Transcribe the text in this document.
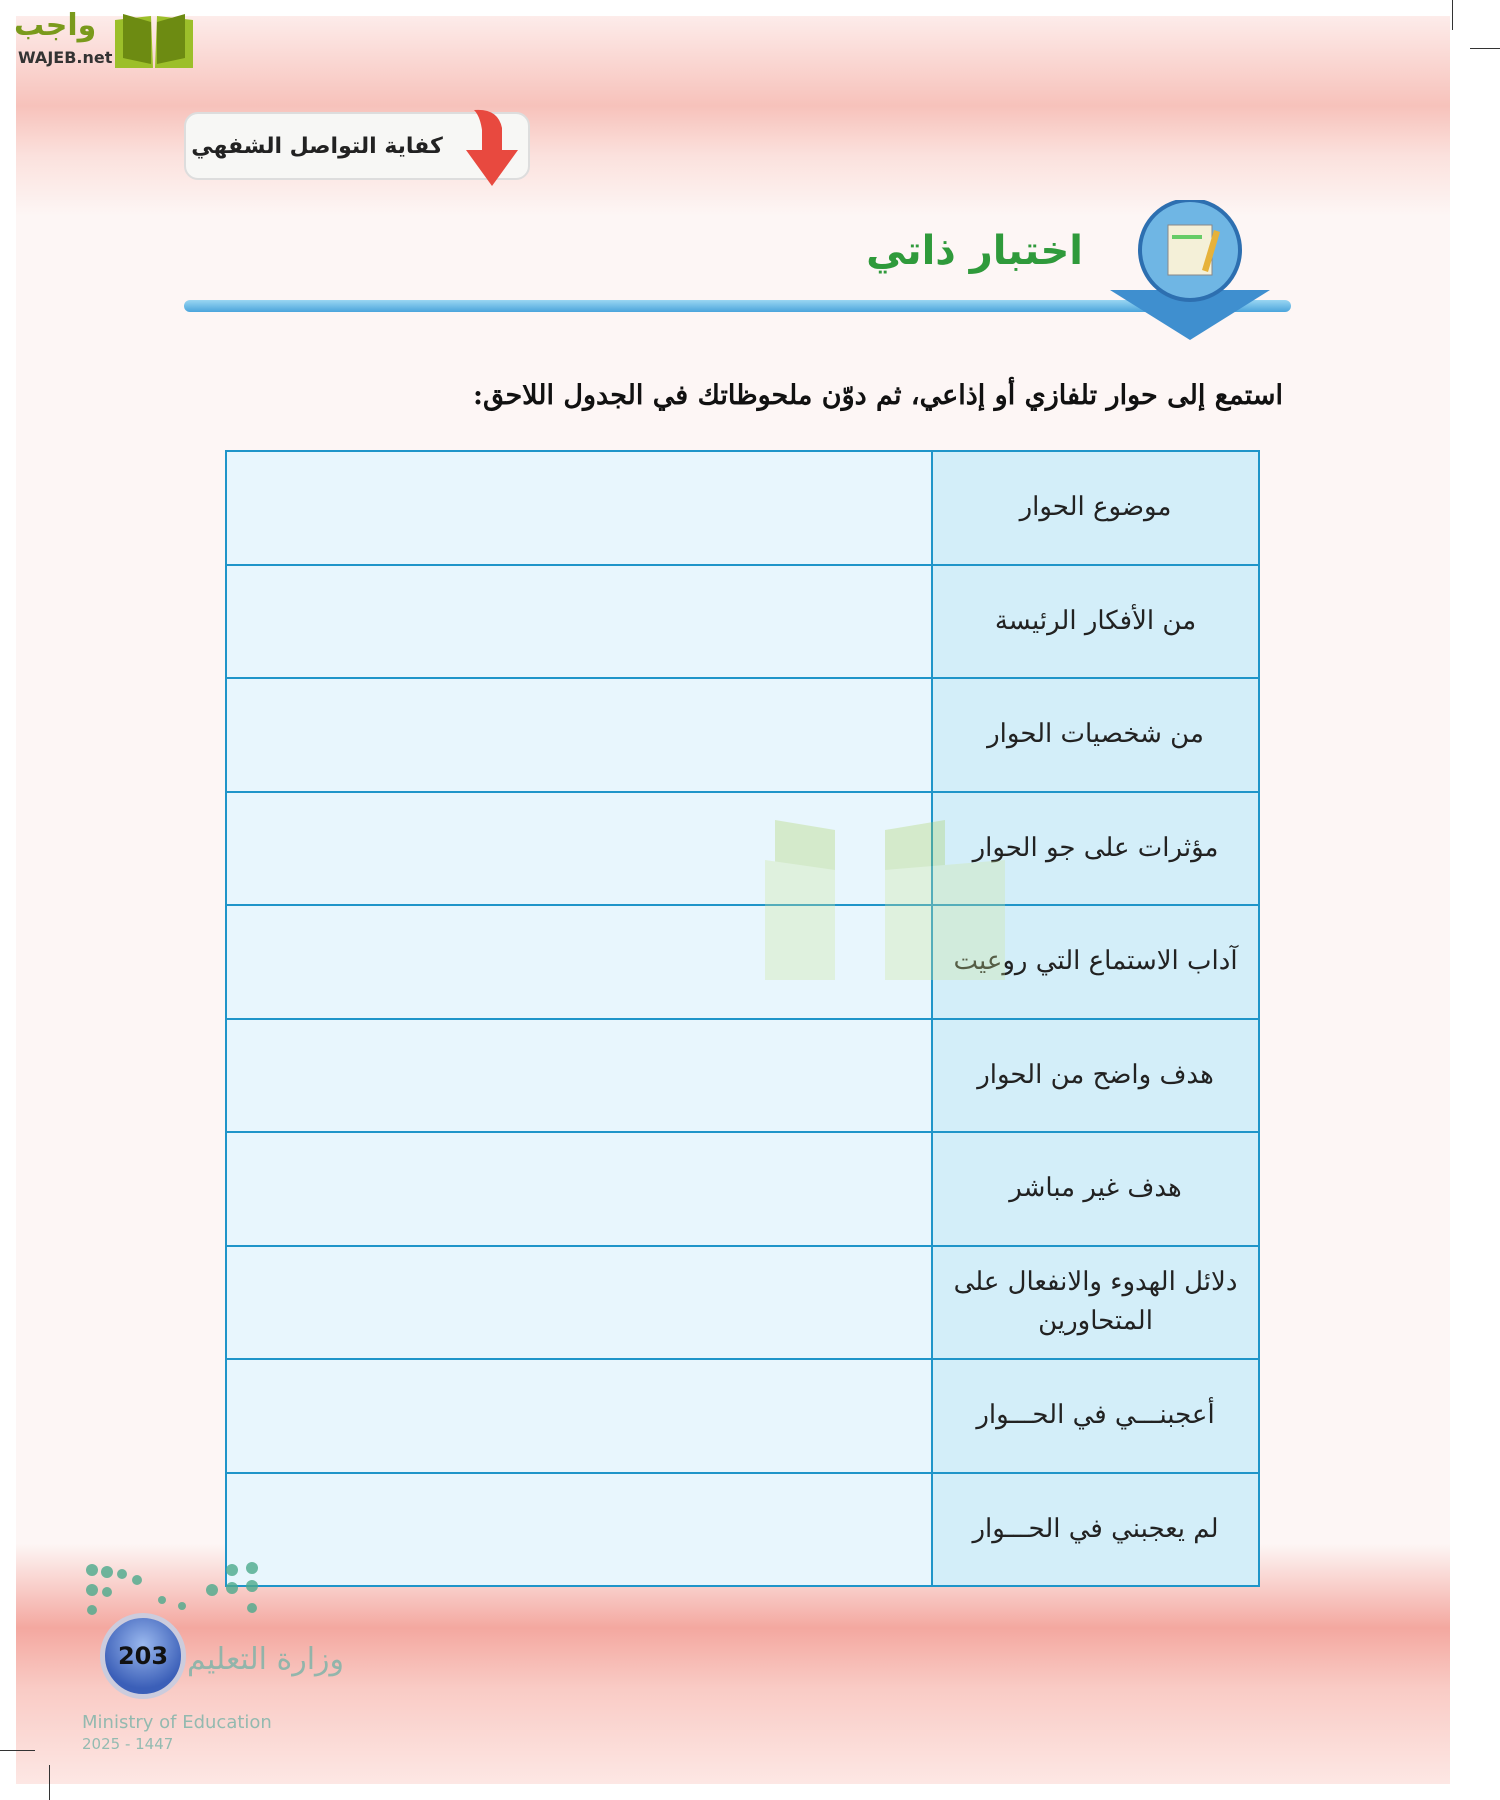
واجب
WAJEB.net
كفاية التواصل الشفهي
اختبار ذاتي
استمع إلى حوار تلفازي أو إذاعي، ثم دوّن ملحوظاتك في الجدول اللاحق:
موضوع الحوار	
من الأفكار الرئيسة	
من شخصيات الحوار	
مؤثرات على جو الحوار	
آداب الاستماع التي روعيت	
هدف واضح من الحوار	
هدف غير مباشر	
دلائل الهدوء والانفعال على المتحاورين	
أعجبنـــي في الحـــوار	
لم يعجبني في الحـــوار	
وزارة التعليم
Ministry of Education
2025 - 1447
203
